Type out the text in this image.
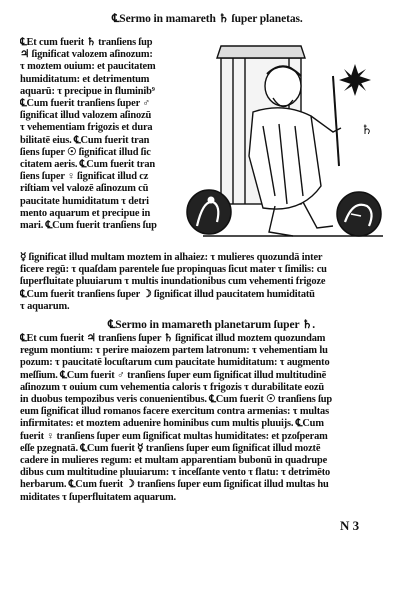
℄Sermo in mamareth ♄ ſuper planetas.
℄Et cum fuerit ♄ tranſiens ſup
♃ ſignificat valozem aſinozum:
τ moztem ouium: et paucitatem
humiditatum: et detrimentum
aquarū: τ precipue in fluminib⁹
℄Cum fuerit tranſiens ſuper ♂
ſignificat illud valozem aſinozū
τ vehementiam frigozis et dura
bilitatē eius. ℄Cum fuerit tran
ſiens ſuper ☉ ſignificat illud ſic
citatem aeris. ℄Cum fuerit tran
ſiens ſuper ♀ ſignificat illud cz
riſtiam vel valozē aſinozum cū
paucitate humiditatum τ detri
mento aquarum et precipue in
mari. ℄Cum fuerit tranſiens ſup
♄
☿ ſignificat illud multam moztem in alhaiez: τ mulieres quozundā inter
ficere regū: τ quaſdam parentele ſue propinquas ſicut mater τ ſimilis: cu
ſuperfluitate pluuiarum τ multis inundationibus cum vehementi frigoze
℄Cum fuerit tranſiens ſuper ☽ ſignificat illud paucitatem humiditatū
τ aquarum.
℄Sermo in mamareth planetarum ſuper ♄.
℄Et cum fuerit ♃ tranſiens ſuper ♄ ſignificat illud moztem quozundam
regum montium: τ perire maiozem partem latronum: τ vehementiam lu
pozum: τ paucitatē locuſtarum cum paucitate humiditatum: τ augmento
meſſium. ℄Cum fuerit ♂ tranſiens ſuper eum ſignificat illud multitudinē
aſinozum τ ouium cum vehementia caloris τ frigozis τ durabilitate eozū
in duobus tempozibus veris conuenientibus. ℄Cum fuerit ☉ tranſiens ſup
eum ſignificat illud romanos facere exercitum contra armenias: τ multas
infirmitates: et moztem aduenire hominibus cum multis pluuijs. ℄Cum
fuerit ♀ tranſiens ſuper eum ſignificat multas humiditates: et pzoſperam
eſſe pzegnatā. ℄Cum fuerit ☿ tranſiens ſuper eum ſignificat illud moztē
cadere in mulieres regum: et multam apparentiam bubonū in quadrupe
dibus cum multitudine pluuiarum: τ inceſſante vento τ flatu: τ detrimēto
herbarum. ℄Cum fuerit ☽ tranſiens ſuper eum ſignificat illud multas hu
miditates τ ſuperfluitatem aquarum.
N 3
